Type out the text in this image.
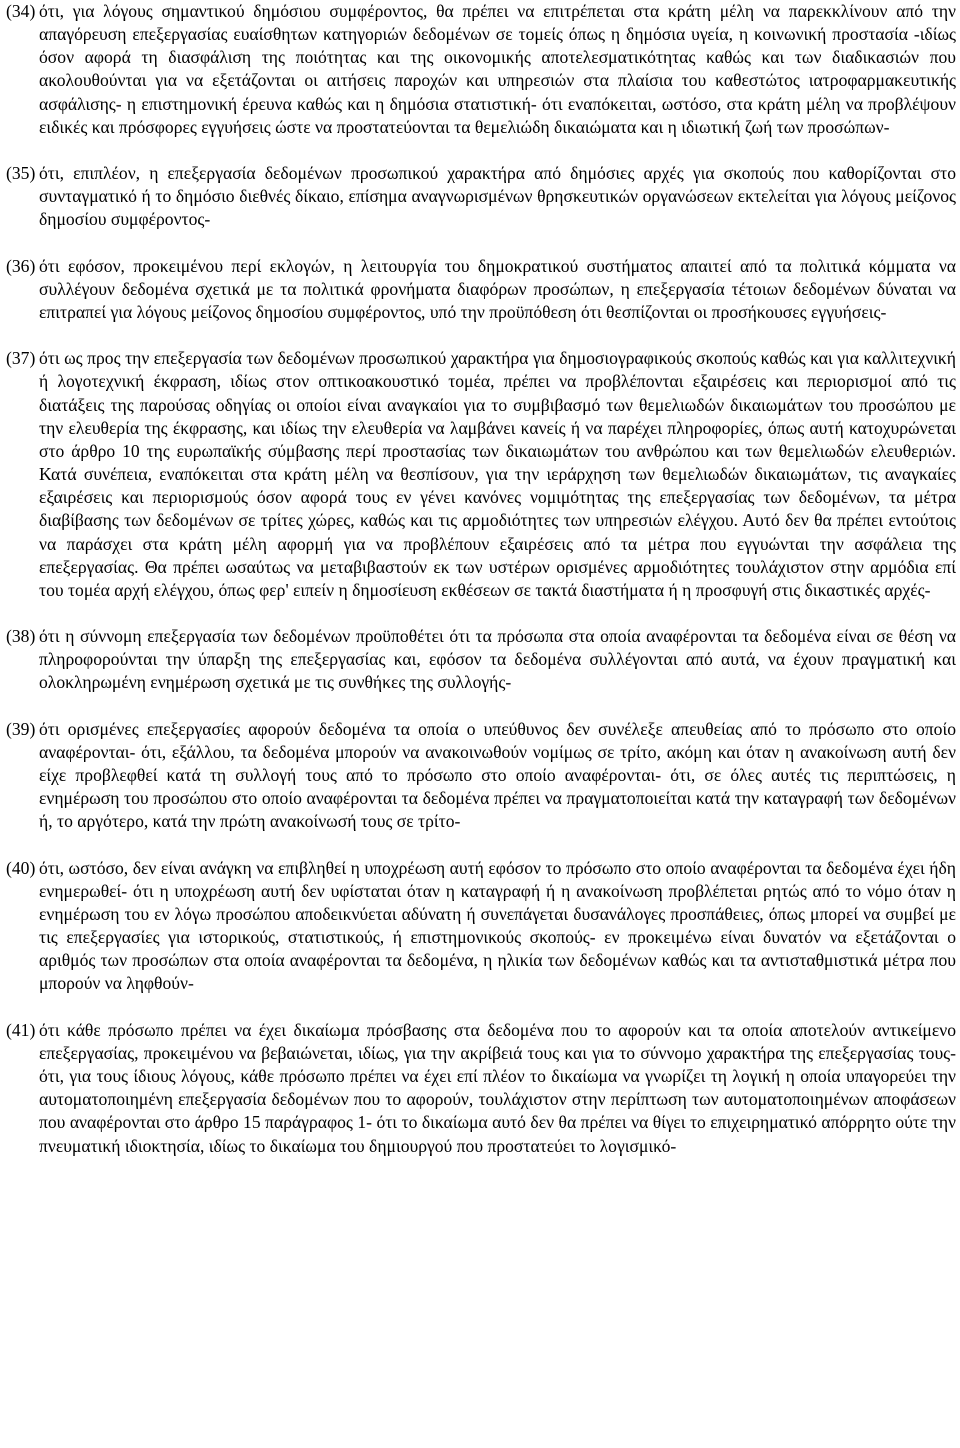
(34) ότι, για λόγους σημαντικού δημόσιου συμφέροντος, θα πρέπει να επιτρέπεται στα κράτη μέλη να παρεκκλίνουν από την απαγόρευση επεξεργασίας ευαίσθητων κατηγοριών δεδομένων σε τομείς όπως η δημόσια υγεία, η κοινωνική προστασία -ιδίως όσον αφορά τη διασφάλιση της ποιότητας και της οικονομικής αποτελεσματικότητας καθώς και των διαδικασιών που ακολουθούνται για να εξετάζονται οι αιτήσεις παροχών και υπηρεσιών στα πλαίσια του καθεστώτος ιατροφαρμακευτικής ασφάλισης- η επιστημονική έρευνα καθώς και η δημόσια στατιστική- ότι εναπόκειται, ωστόσο, στα κράτη μέλη να προβλέψουν ειδικές και πρόσφορες εγγυήσεις ώστε να προστατεύονται τα θεμελιώδη δικαιώματα και η ιδιωτική ζωή των προσώπων-
(35) ότι, επιπλέον, η επεξεργασία δεδομένων προσωπικού χαρακτήρα από δημόσιες αρχές για σκοπούς που καθορίζονται στο συνταγματικό ή το δημόσιο διεθνές δίκαιο, επίσημα αναγνωρισμένων θρησκευτικών οργανώσεων εκτελείται για λόγους μείζονος δημοσίου συμφέροντος-
(36) ότι εφόσον, προκειμένου περί εκλογών, η λειτουργία του δημοκρατικού συστήματος απαιτεί από τα πολιτικά κόμματα να συλλέγουν δεδομένα σχετικά με τα πολιτικά φρονήματα διαφόρων προσώπων, η επεξεργασία τέτοιων δεδομένων δύναται να επιτραπεί για λόγους μείζονος δημοσίου συμφέροντος, υπό την προϋπόθεση ότι θεσπίζονται οι προσήκουσες εγγυήσεις-
(37) ότι ως προς την επεξεργασία των δεδομένων προσωπικού χαρακτήρα για δημοσιογραφικούς σκοπούς καθώς και για καλλιτεχνική ή λογοτεχνική έκφραση, ιδίως στον οπτικοακουστικό τομέα, πρέπει να προβλέπονται εξαιρέσεις και περιορισμοί από τις διατάξεις της παρούσας οδηγίας οι οποίοι είναι αναγκαίοι για το συμβιβασμό των θεμελιωδών δικαιωμάτων του προσώπου με την ελευθερία της έκφρασης, και ιδίως την ελευθερία να λαμβάνει κανείς ή να παρέχει πληροφορίες, όπως αυτή κατοχυρώνεται στο άρθρο 10 της ευρωπαϊκής σύμβασης περί προστασίας των δικαιωμάτων του ανθρώπου και των θεμελιωδών ελευθεριών. Κατά συνέπεια, εναπόκειται στα κράτη μέλη να θεσπίσουν, για την ιεράρχηση των θεμελιωδών δικαιωμάτων, τις αναγκαίες εξαιρέσεις και περιορισμούς όσον αφορά τους εν γένει κανόνες νομιμότητας της επεξεργασίας των δεδομένων, τα μέτρα διαβίβασης των δεδομένων σε τρίτες χώρες, καθώς και τις αρμοδιότητες των υπηρεσιών ελέγχου. Αυτό δεν θα πρέπει εντούτοις να παράσχει στα κράτη μέλη αφορμή για να προβλέπουν εξαιρέσεις από τα μέτρα που εγγυώνται την ασφάλεια της επεξεργασίας. Θα πρέπει ωσαύτως να μεταβιβαστούν εκ των υστέρων ορισμένες αρμοδιότητες τουλάχιστον στην αρμόδια επί του τομέα αρχή ελέγχου, όπως φερ' ειπείν η δημοσίευση εκθέσεων σε τακτά διαστήματα ή η προσφυγή στις δικαστικές αρχές-
(38) ότι η σύννομη επεξεργασία των δεδομένων προϋποθέτει ότι τα πρόσωπα στα οποία αναφέρονται τα δεδομένα είναι σε θέση να πληροφορούνται την ύπαρξη της επεξεργασίας και, εφόσον τα δεδομένα συλλέγονται από αυτά, να έχουν πραγματική και ολοκληρωμένη ενημέρωση σχετικά με τις συνθήκες της συλλογής-
(39) ότι ορισμένες επεξεργασίες αφορούν δεδομένα τα οποία ο υπεύθυνος δεν συνέλεξε απευθείας από το πρόσωπο στο οποίο αναφέρονται- ότι, εξάλλου, τα δεδομένα μπορούν να ανακοινωθούν νομίμως σε τρίτο, ακόμη και όταν η ανακοίνωση αυτή δεν είχε προβλεφθεί κατά τη συλλογή τους από το πρόσωπο στο οποίο αναφέρονται- ότι, σε όλες αυτές τις περιπτώσεις, η ενημέρωση του προσώπου στο οποίο αναφέρονται τα δεδομένα πρέπει να πραγματοποιείται κατά την καταγραφή των δεδομένων ή, το αργότερο, κατά την πρώτη ανακοίνωσή τους σε τρίτο-
(40) ότι, ωστόσο, δεν είναι ανάγκη να επιβληθεί η υποχρέωση αυτή εφόσον το πρόσωπο στο οποίο αναφέρονται τα δεδομένα έχει ήδη ενημερωθεί- ότι η υποχρέωση αυτή δεν υφίσταται όταν η καταγραφή ή η ανακοίνωση προβλέπεται ρητώς από το νόμο όταν η ενημέρωση του εν λόγω προσώπου αποδεικνύεται αδύνατη ή συνεπάγεται δυσανάλογες προσπάθειες, όπως μπορεί να συμβεί με τις επεξεργασίες για ιστορικούς, στατιστικούς, ή επιστημονικούς σκοπούς- εν προκειμένω είναι δυνατόν να εξετάζονται ο αριθμός των προσώπων στα οποία αναφέρονται τα δεδομένα, η ηλικία των δεδομένων καθώς και τα αντισταθμιστικά μέτρα που μπορούν να ληφθούν-
(41) ότι κάθε πρόσωπο πρέπει να έχει δικαίωμα πρόσβασης στα δεδομένα που το αφορούν και τα οποία αποτελούν αντικείμενο επεξεργασίας, προκειμένου να βεβαιώνεται, ιδίως, για την ακρίβειά τους και για το σύννομο χαρακτήρα της επεξεργασίας τους- ότι, για τους ίδιους λόγους, κάθε πρόσωπο πρέπει να έχει επί πλέον το δικαίωμα να γνωρίζει τη λογική η οποία υπαγορεύει την αυτοματοποιημένη επεξεργασία δεδομένων που το αφορούν, τουλάχιστον στην περίπτωση των αυτοματοποιημένων αποφάσεων που αναφέρονται στο άρθρο 15 παράγραφος 1- ότι το δικαίωμα αυτό δεν θα πρέπει να θίγει το επιχειρηματικό απόρρητο ούτε την πνευματική ιδιοκτησία, ιδίως το δικαίωμα του δημιουργού που προστατεύει το λογισμικό-
